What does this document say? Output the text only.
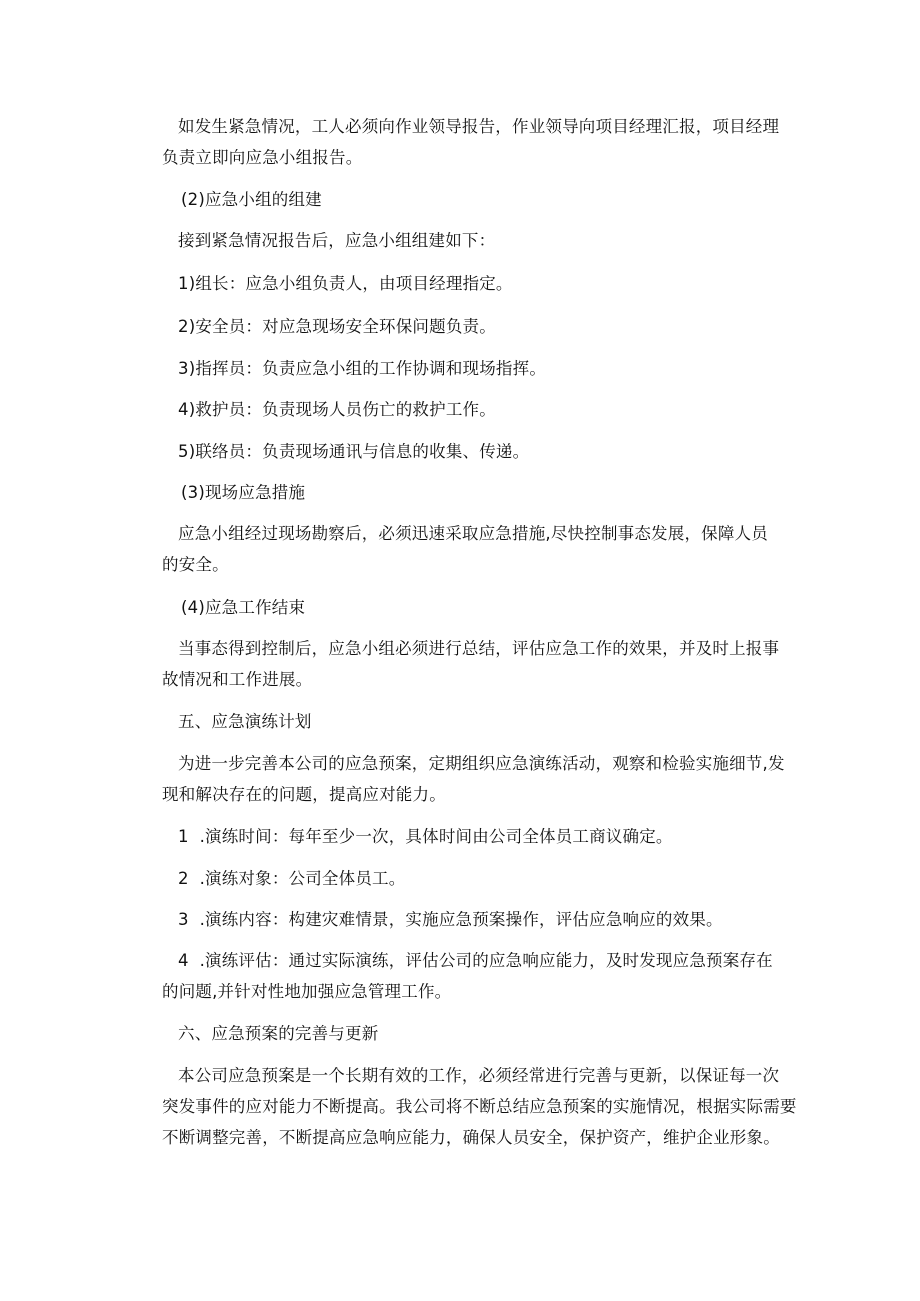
如发生紧急情况，工人必须向作业领导报告，作业领导向项目经理汇报，项目经理
负责立即向应急小组报告。
(2)应急小组的组建
接到紧急情况报告后，应急小组组建如下：
1)组长：应急小组负责人，由项目经理指定。
2)安全员：对应急现场安全环保问题负责。
3)指挥员：负责应急小组的工作协调和现场指挥。
4)救护员：负责现场人员伤亡的救护工作。
5)联络员：负责现场通讯与信息的收集、传递。
(3)现场应急措施
应急小组经过现场勘察后，必须迅速采取应急措施,尽快控制事态发展，保障人员
的安全。
(4)应急工作结束
当事态得到控制后，应急小组必须进行总结，评估应急工作的效果，并及时上报事
故情况和工作进展。
五、应急演练计划
为进一步完善本公司的应急预案，定期组织应急演练活动，观察和检验实施细节,发
现和解决存在的问题，提高应对能力。
1  .演练时间：每年至少一次，具体时间由公司全体员工商议确定。
2  .演练对象：公司全体员工。
3  .演练内容：构建灾难情景，实施应急预案操作，评估应急响应的效果。
4  .演练评估：通过实际演练，评估公司的应急响应能力，及时发现应急预案存在
的问题,并针对性地加强应急管理工作。
六、应急预案的完善与更新
本公司应急预案是一个长期有效的工作，必须经常进行完善与更新，以保证每一次
突发事件的应对能力不断提高。我公司将不断总结应急预案的实施情况，根据实际需要
不断调整完善，不断提高应急响应能力，确保人员安全，保护资产，维护企业形象。
